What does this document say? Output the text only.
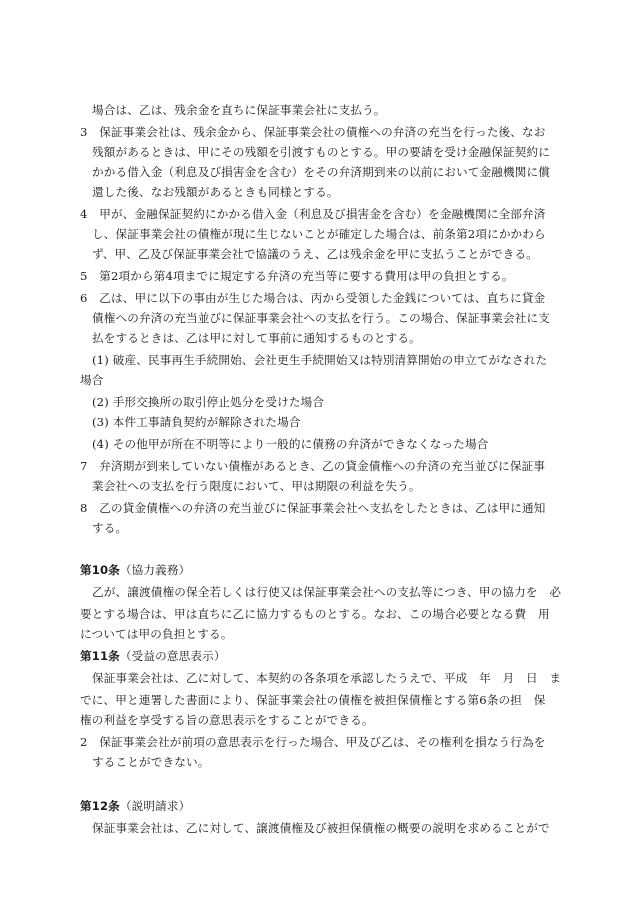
場合は、乙は、残余金を直ちに保証事業会社に支払う。
3　保証事業会社は、残余金から、保証事業会社の債権への弁済の充当を行った後、なお
残額があるときは、甲にその残額を引渡すものとする。甲の要請を受け金融保証契約に
かかる借入金（利息及び損害金を含む）をその弁済期到来の以前において金融機関に償
還した後、なお残額があるときも同様とする。
4　甲が、金融保証契約にかかる借入金（利息及び損害金を含む）を金融機関に全部弁済
し、保証事業会社の債権が現に生じないことが確定した場合は、前条第2項にかかわら
ず、甲、乙及び保証事業会社で協議のうえ、乙は残余金を甲に支払うことができる。
5　第2項から第4項までに規定する弁済の充当等に要する費用は甲の負担とする。
6　乙は、甲に以下の事由が生じた場合は、丙から受領した金銭については、直ちに貸金
債権への弁済の充当並びに保証事業会社への支払を行う。この場合、保証事業会社に支
払をするときは、乙は甲に対して事前に通知するものとする。
(1) 破産、民事再生手続開始、会社更生手続開始又は特別清算開始の申立てがなされた
場合
(2) 手形交換所の取引停止処分を受けた場合
(3) 本件工事請負契約が解除された場合
(4) その他甲が所在不明等により一般的に債務の弁済ができなくなった場合
7　弁済期が到来していない債権があるとき、乙の貸金債権への弁済の充当並びに保証事
業会社への支払を行う限度において、甲は期限の利益を失う。
8　乙の貸金債権への弁済の充当並びに保証事業会社へ支払をしたときは、乙は甲に通知
する。
乙が、譲渡債権の保全若しくは行使又は保証事業会社への支払等につき、甲の協力を　必
要とする場合は、甲は直ちに乙に協力するものとする。なお、この場合必要となる費　用
については甲の負担とする。
保証事業会社は、乙に対して、本契約の各条項を承認したうえで、平成　年　月　日　ま
でに、甲と連署した書面により、保証事業会社の債権を被担保債権とする第6条の担　保
権の利益を享受する旨の意思表示をすることができる。
2　保証事業会社が前項の意思表示を行った場合、甲及び乙は、その権利を損なう行為を
することができない。
保証事業会社は、乙に対して、譲渡債権及び被担保債権の概要の説明を求めることがで
第10条（協力義務）
第11条（受益の意思表示）
第12条（説明請求）
